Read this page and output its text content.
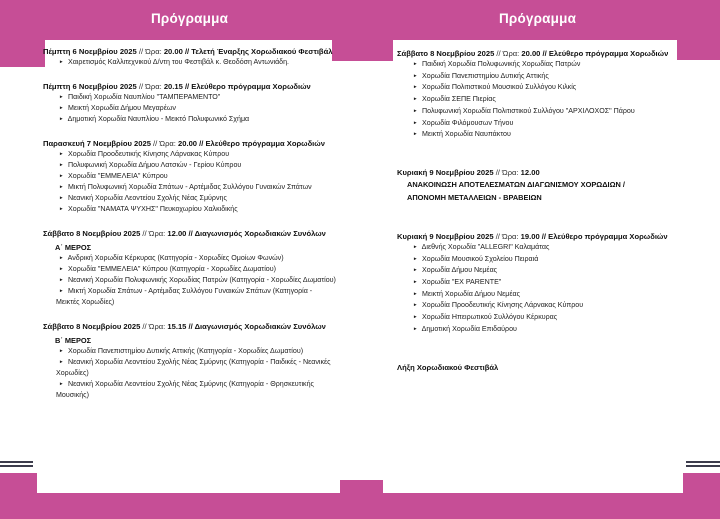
Πρόγραμμα	Πρόγραμμα
Πέμπτη 6 Νοεμβρίου 2025 // Ώρα: 20.00 // Τελετή Έναρξης Χορωδιακού Φεστιβάλ
► Χαιρετισμός Καλλιτεχνικού Δ/ντη του Φεστιβάλ κ. Θεοδόση Αντωνιάδη.
Πέμπτη 6 Νοεμβρίου 2025 // Ώρα: 20.15 // Ελεύθερο πρόγραμμα Χορωδιών
► Παιδική Χορωδία Ναυπλίου "ΤΑΜΠΕΡΑΜΕΝΤΟ"
► Μεικτή Χορωδία Δήμου Μεγαρέων
► Δημοτική Χορωδία Ναυπλίου - Μεικτό Πολυφωνικό Σχήμα
Παρασκευή 7 Νοεμβρίου 2025 // Ώρα: 20.00 // Ελεύθερο πρόγραμμα Χορωδιών
► Χορωδία Προοδευτικής Κίνησης Λάρνακας Κύπρου
► Πολυφωνική Χορωδία Δήμου Λατσιών - Γερίου Κύπρου
► Χορωδία "ΕΜΜΕΛΕΙΑ" Κύπρου
► Μικτή Πολυφωνική Χορωδία Σπάτων - Αρτέμιδας Συλλόγου Γυναικών Σπάτων
► Νεανική Χορωδία Λεοντείου Σχολής Νέας Σμύρνης
► Χορωδία "ΝΑΜΑΤΑ ΨΥΧΗΣ" Πευκοχωρίου Χαλκιδικής
Σάββατο 8 Νοεμβρίου 2025 // Ώρα: 12.00 // Διαγωνισμός Χορωδιακών Συνόλων
Α΄ ΜΕΡΟΣ
► Ανδρική Χορωδία Κέρκυρας (Κατηγορία - Χορωδίες Ομοίων Φωνών)
► Χορωδία "ΕΜΜΕΛΕΙΑ" Κύπρου (Κατηγορία - Χορωδίες Δωματίου)
► Νεανική Χορωδία Πολυφωνικής Χορωδίας Πατρών (Κατηγορία - Χορωδίες Δωματίου)
► Μικτή Χορωδία Σπάτων - Αρτέμιδας Συλλόγου Γυναικών Σπάτων (Κατηγορία - Μεικτές Χορωδίες)
Σάββατο 8 Νοεμβρίου 2025 // Ώρα: 15.15 // Διαγωνισμός Χορωδιακών Συνόλων
Β΄ ΜΕΡΟΣ
► Χορωδία Πανεπιστημίου Δυτικής Αττικής (Κατηγορία - Χορωδίες Δωματίου)
► Νεανική Χορωδία Λεοντείου Σχολής Νέας Σμύρνης (Κατηγορία - Παιδικές - Νεανικές Χορωδίες)
► Νεανική Χορωδία Λεοντείου Σχολής Νέας Σμύρνης (Κατηγορία - Θρησκευτικής Μουσικής)
Σάββατο 8 Νοεμβρίου 2025 // Ώρα: 20.00 // Ελεύθερο πρόγραμμα Χορωδιών
► Παιδική Χορωδία Πολυφωνικής Χορωδίας Πατρών
► Χορωδία Πανεπιστημίου Δυτικής Αττικής
► Χορωδία Πολιτιστικού Μουσικού Συλλόγου Κιλκίς
► Χορωδία ΣΕΠΕ Πιερίας
► Πολυφωνική Χορωδία Πολιτιστικού Συλλόγου "ΑΡΧΙΛΟΧΟΣ" Πάρου
► Χορωδία Φιλόμουσων Τήνου
► Μεικτή Χορωδία Ναυπάκτου
Κυριακή 9 Νοεμβρίου 2025 // Ώρα: 12.00
ΑΝΑΚΟΙΝΩΣΗ ΑΠΟΤΕΛΕΣΜΑΤΩΝ ΔΙΑΓΩΝΙΣΜΟΥ ΧΟΡΩΔΙΩΝ /
ΑΠΟΝΟΜΗ ΜΕΤΑΛΛΕΙΩΝ - ΒΡΑΒΕΙΩΝ
Κυριακή 9 Νοεμβρίου 2025 // Ώρα: 19.00 // Ελεύθερο πρόγραμμα Χορωδιών
► Διεθνής Χορωδία "ALLEGRI" Καλαμάτας
► Χορωδία Μουσικού Σχολείου Πειραιά
► Χορωδία Δήμου Νεμέας
► Χορωδία "EX PARENTE"
► Μεικτή Χορωδία Δήμου Νεμέας
► Χορωδία Προοδευτικής Κίνησης Λάρνακας Κύπρου
► Χορωδία Ηπειρωτικού Συλλόγου Κέρκυρας
► Δημοτική Χορωδία Επιδαύρου
Λήξη Χορωδιακού Φεστιβάλ
